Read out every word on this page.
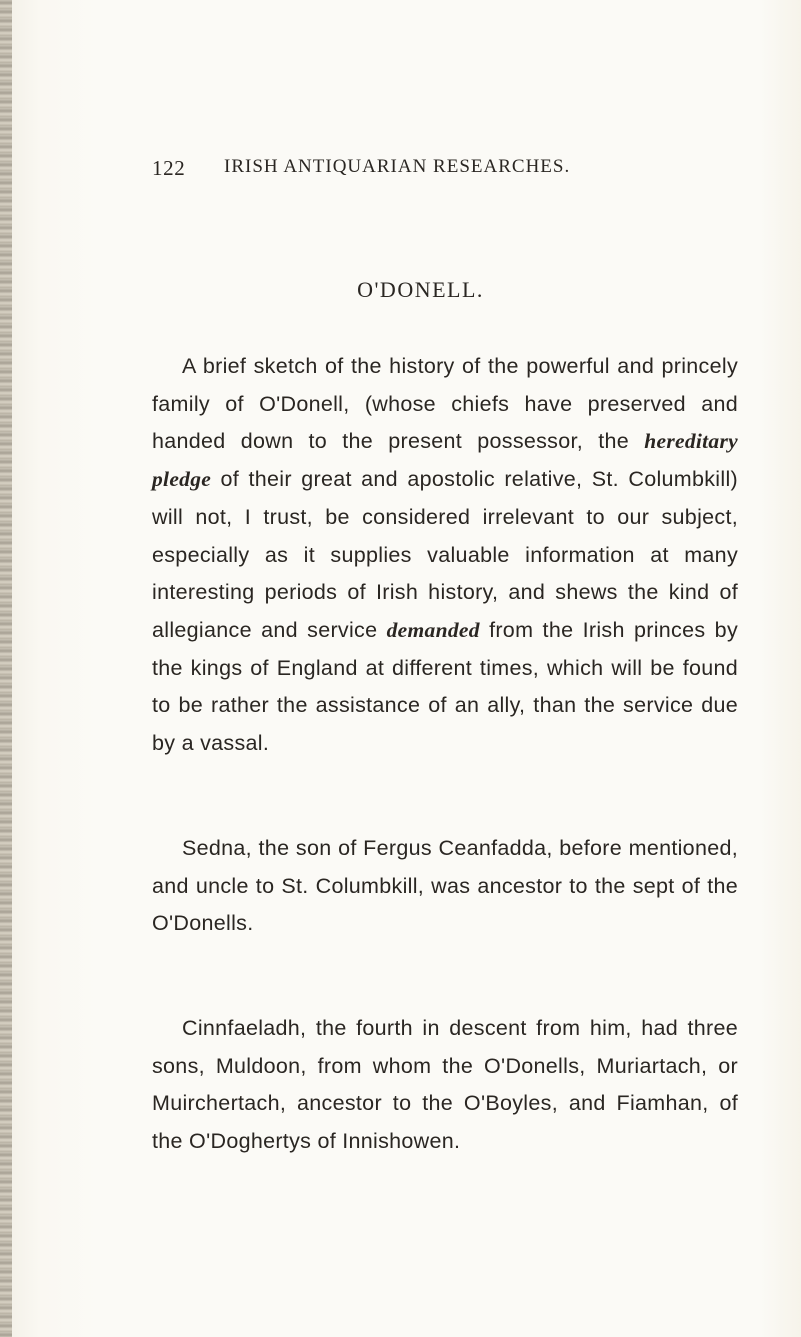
122 IRISH ANTIQUARIAN RESEARCHES.
O'DONELL.

A brief sketch of the history of the powerful and princely family of O'Donell, (whose chiefs have preserved and handed down to the present possessor, the hereditary pledge of their great and apostolic relative, St. Columbkill) will not, I trust, be considered irrelevant to our subject, especially as it supplies valuable information at many interesting periods of Irish history, and shews the kind of allegiance and service demanded from the Irish princes by the kings of England at different times, which will be found to be rather the assistance of an ally, than the service due by a vassal.

Sedna, the son of Fergus Ceanfadda, before mentioned, and uncle to St. Columbkill, was ancestor to the sept of the O'Donells.

Cinnfaeladh, the fourth in descent from him, had three sons, Muldoon, from whom the O'Donells, Muriartach, or Muirchertach, ancestor to the O'Boyles, and Fiamhan, of the O'Doghertys of Innishowen.
